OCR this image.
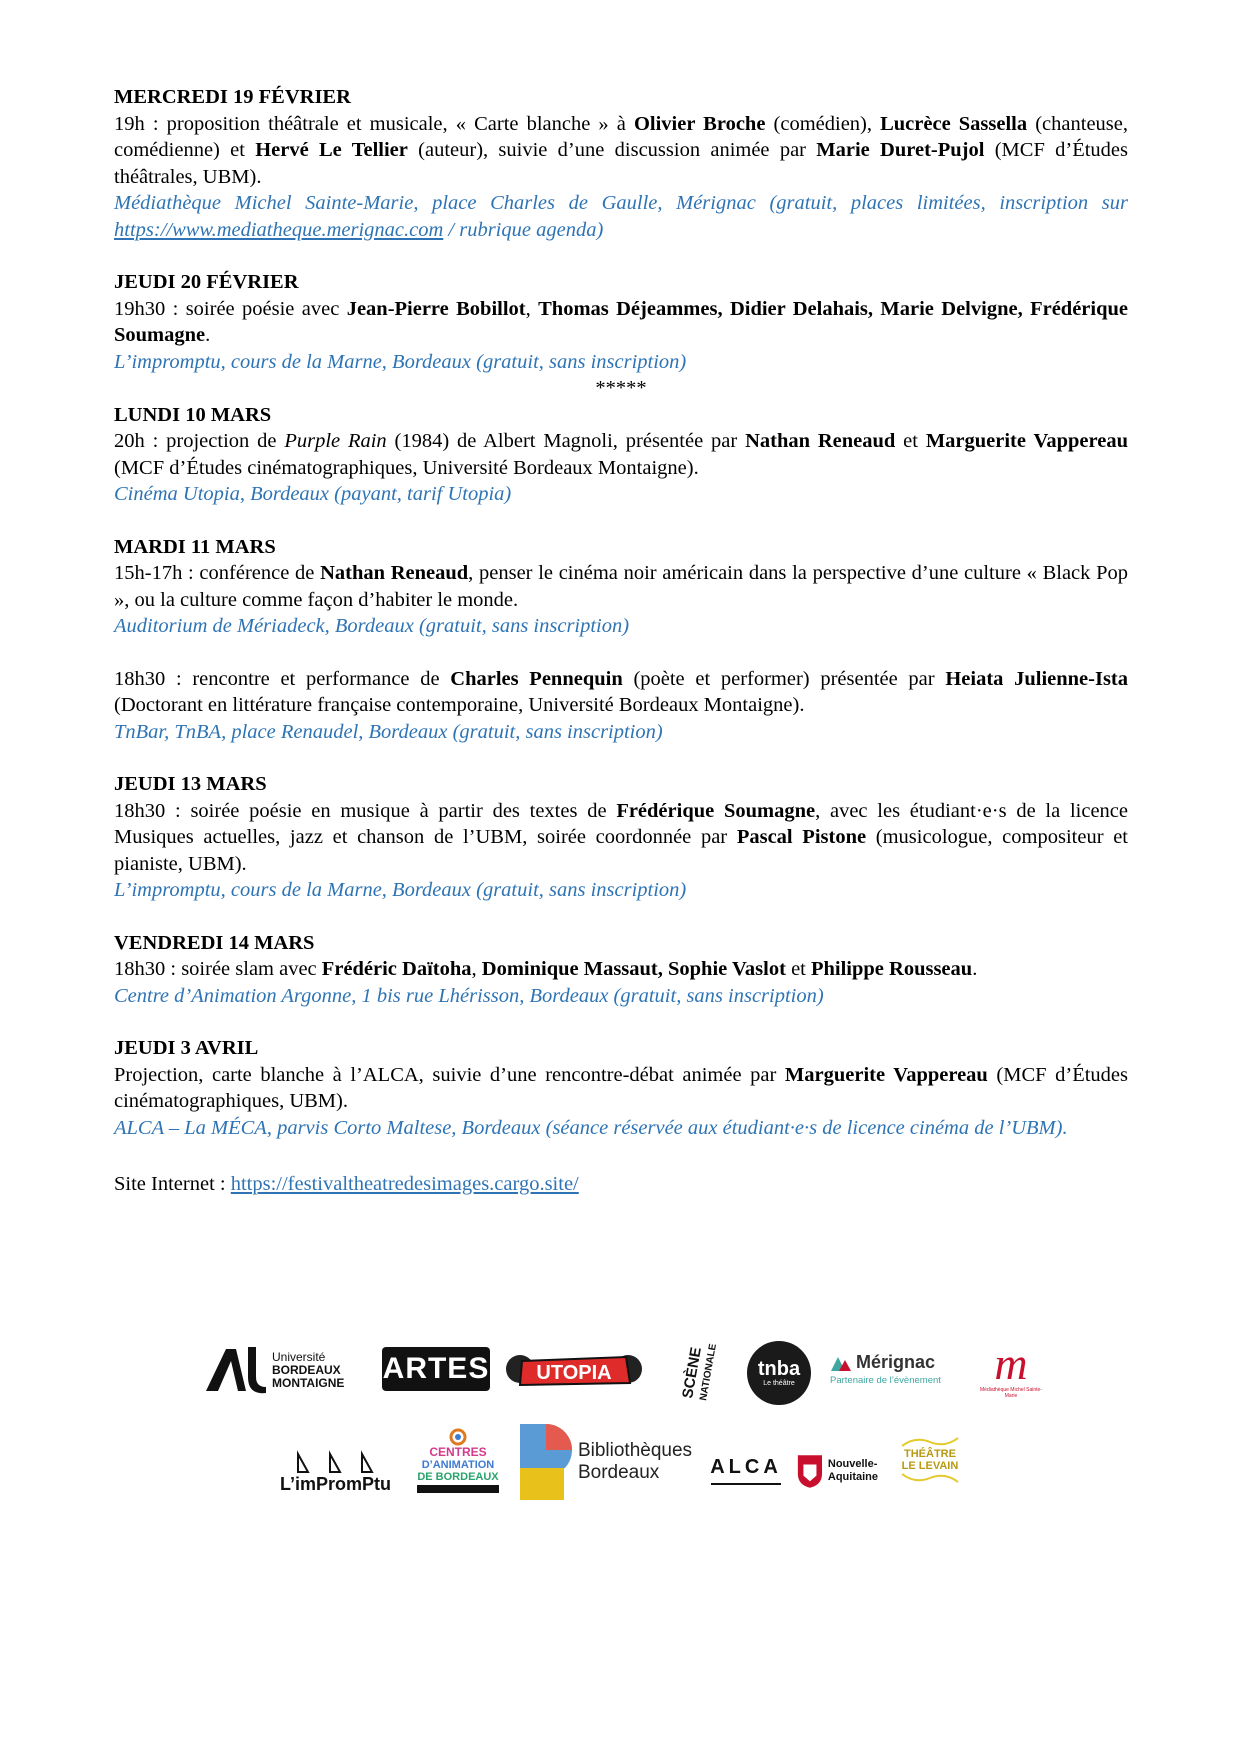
MERCREDI 19 FÉVRIER
19h : proposition théâtrale et musicale, « Carte blanche » à Olivier Broche (comédien), Lucrèce Sassella (chanteuse, comédienne) et Hervé Le Tellier (auteur), suivie d’une discussion animée par Marie Duret-Pujol (MCF d’Études théâtrales, UBM).
Médiathèque Michel Sainte-Marie, place Charles de Gaulle, Mérignac (gratuit, places limitées, inscription sur https://www.mediatheque.merignac.com / rubrique agenda)
JEUDI 20 FÉVRIER
19h30 : soirée poésie avec Jean-Pierre Bobillot, Thomas Déjeammes, Didier Delahais, Marie Delvigne, Frédérique Soumagne.
L’impromptu, cours de la Marne, Bordeaux (gratuit, sans inscription)
*****
LUNDI 10 MARS
20h : projection de Purple Rain (1984) de Albert Magnoli, présentée par Nathan Reneaud et Marguerite Vappereau (MCF d’Études cinématographiques, Université Bordeaux Montaigne).
Cinéma Utopia, Bordeaux (payant, tarif Utopia)
MARDI 11 MARS
15h-17h : conférence de Nathan Reneaud, penser le cinéma noir américain dans la perspective d’une culture « Black Pop », ou la culture comme façon d’habiter le monde.
Auditorium de Mériadeck, Bordeaux (gratuit, sans inscription)
18h30 : rencontre et performance de Charles Pennequin (poète et performer) présentée par Heiata Julienne-Ista (Doctorant en littérature française contemporaine, Université Bordeaux Montaigne).
TnBar, TnBA, place Renaudel, Bordeaux (gratuit, sans inscription)
JEUDI 13 MARS
18h30 : soirée poésie en musique à partir des textes de Frédérique Soumagne, avec les étudiant·e·s de la licence Musiques actuelles, jazz et chanson de l’UBM, soirée coordonnée par Pascal Pistone (musicologue, compositeur et pianiste, UBM).
L’impromptu, cours de la Marne, Bordeaux (gratuit, sans inscription)
VENDREDI 14 MARS
18h30 : soirée slam avec Frédéric Daïtoha, Dominique Massaut, Sophie Vaslot et Philippe Rousseau.
Centre d’Animation Argonne, 1 bis rue Lhérisson, Bordeaux (gratuit, sans inscription)
JEUDI 3 AVRIL
Projection, carte blanche à l’ALCA, suivie d’une rencontre-débat animée par Marguerite Vappereau (MCF d’Études cinématographiques, UBM).
ALCA – La MÉCA, parvis Corto Maltese, Bordeaux (séance réservée aux étudiant·e·s de licence cinéma de l’UBM).
Site Internet : https://festivaltheatredesimages.cargo.site/
Université
BORDEAUX
MONTAIGNE ARTES UTOPIA	SCÈNE
NATIONALE tnba
Le théâtre
Mérignac
Partenaire de l’évènement m
Médiathèque Michel Sainte-Marie
L’imPromPtu
CENTRES
D’ANIMATION
DE BORDEAUX
Bibliothèques
Bordeaux	ALCA	Nouvelle-
Aquitaine
THÉÂTRE
LE LEVAIN
